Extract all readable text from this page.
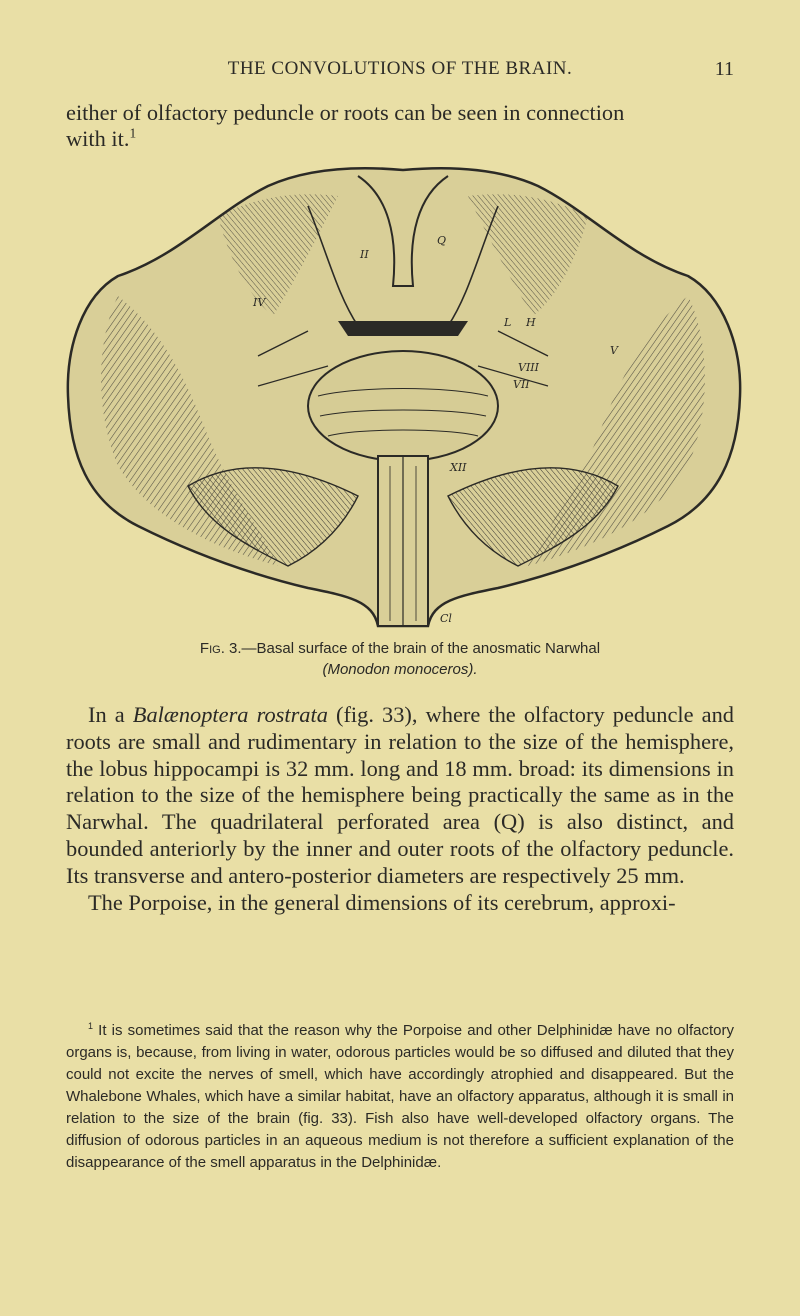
THE CONVOLUTIONS OF THE BRAIN.	11
either of olfactory peduncle or roots can be seen in connection
with it.$^1$
IV
II
Q
L H
V
VIII
VII
XII
Cl
Fig. 3.—Basal surface of the brain of the anosmatic Narwhal
(Monodon monoceros).

In a Balænoptera rostrata (fig. 33), where the olfactory peduncle and roots are small and rudimentary in relation to the size of the hemisphere, the lobus hippocampi is 32 mm. long and 18 mm. broad: its dimensions in relation to the size of the hemisphere being practically the same as in the Narwhal. The quadrilateral perforated area (Q) is also distinct, and bounded anteriorly by the inner and outer roots of the olfactory peduncle. Its transverse and antero-posterior diameters are respectively 25 mm.

The Porpoise, in the general dimensions of its cerebrum, approxi-

$^1$ It is sometimes said that the reason why the Porpoise and other Delphinidæ have no olfactory organs is, because, from living in water, odorous particles would be so diffused and diluted that they could not excite the nerves of smell, which have accordingly atrophied and disappeared. But the Whalebone Whales, which have a similar habitat, have an olfactory apparatus, although it is small in relation to the size of the brain (fig. 33). Fish also have well-developed olfactory organs. The diffusion of odorous particles in an aqueous medium is not therefore a sufficient explanation of the disappearance of the smell apparatus in the Delphinidæ.
